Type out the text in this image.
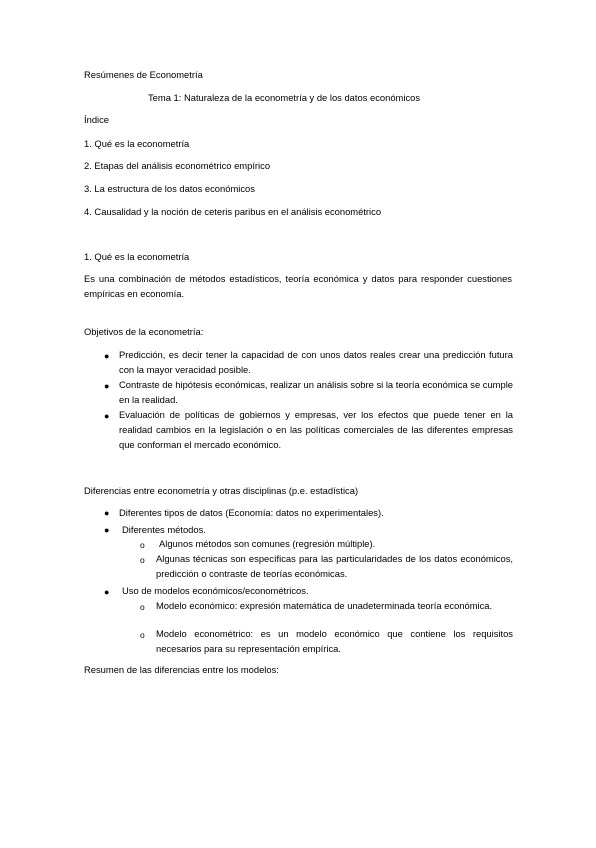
Resúmenes de Econometría
Tema 1: Naturaleza de la econometría y de los datos económicos
Índice
1. Qué es la econometría
2. Etapas del análisis econométrico empírico
3. La estructura de los datos económicos
4. Causalidad y la noción de ceteris paribus en el análisis econométrico
1. Qué es la econometría
Es una combinación de métodos estadísticos, teoría económica y datos para responder cuestiones empíricas en economía.
Objetivos de la econometría:
● Predicción, es decir tener la capacidad de con unos datos reales crear una predicción futura con la mayor veracidad posible.
● Contraste de hipótesis económicas, realizar un análisis sobre si la teoría económica se cumple en la realidad.
● Evaluación de políticas de gobiernos y empresas, ver los efectos que puede tener en la realidad cambios en la legislación o en las políticas comerciales de las diferentes empresas que conforman el mercado económico.
Diferencias entre econometría y otras disciplinas (p.e. estadística)
● Diferentes tipos de datos (Economía: datos no experimentales).
● Diferentes métodos.
o Algunos métodos son comunes (regresión múltiple).
o Algunas técnicas son específicas para las particularidades de los datos económicos, predicción o contraste de teorías económicas.
● Uso de modelos económicos/econométricos.
o Modelo económico: expresión matemática de unadeterminada teoría económica.
o Modelo econométrico: es un modelo económico que contiene los requisitos necesarios para su representación empírica.
Resumen de las diferencias entre los modelos:
